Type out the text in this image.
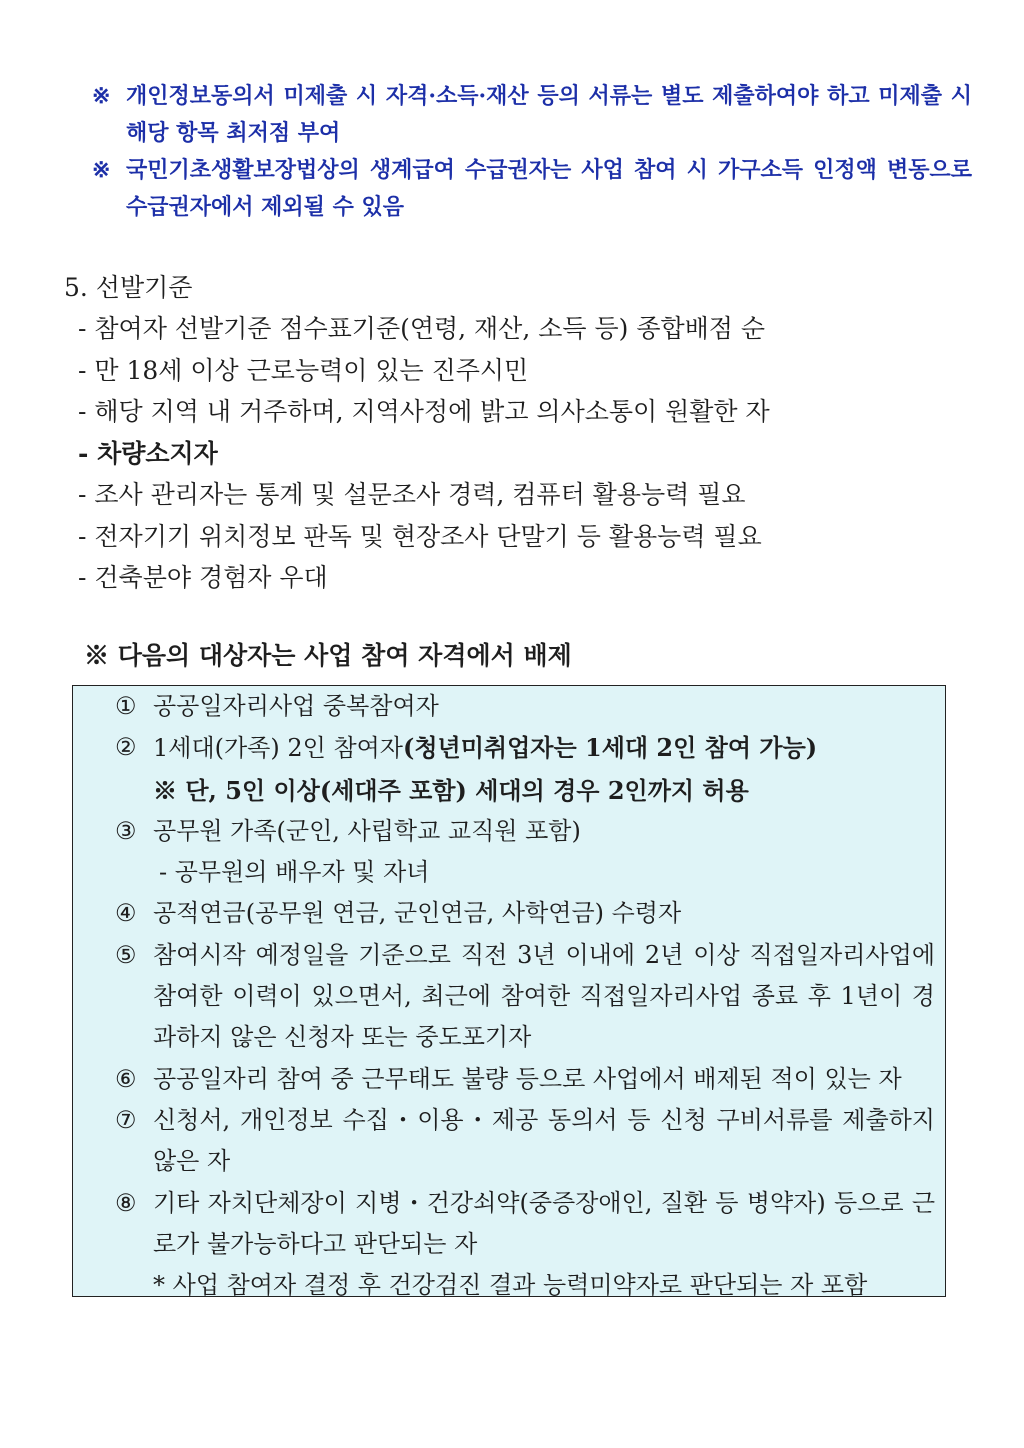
※ 개인정보동의서 미제출 시 자격·소득·재산 등의 서류는 별도 제출하여야 하고 미제출 시 해당 항목 최저점 부여
※ 국민기초생활보장법상의 생계급여 수급권자는 사업 참여 시 가구소득 인정액 변동으로 수급권자에서 제외될 수 있음
5. 선발기준
- 참여자 선발기준 점수표기준(연령, 재산, 소득 등) 종합배점 순
- 만 18세 이상 근로능력이 있는 진주시민
- 해당 지역 내 거주하며, 지역사정에 밝고 의사소통이 원활한 자
- 차량소지자
- 조사 관리자는 통계 및 설문조사 경력, 컴퓨터 활용능력 필요
- 전자기기 위치정보 판독 및 현장조사 단말기 등 활용능력 필요
- 건축분야 경험자 우대
※ 다음의 대상자는 사업 참여 자격에서 배제
① 공공일자리사업 중복참여자
② 1세대(가족) 2인 참여자(청년미취업자는 1세대 2인 참여 가능)
※ 단, 5인 이상(세대주 포함) 세대의 경우 2인까지 허용
③ 공무원 가족(군인, 사립학교 교직원 포함)
- 공무원의 배우자 및 자녀
④ 공적연금(공무원 연금, 군인연금, 사학연금) 수령자
⑤ 참여시작 예정일을 기준으로 직전 3년 이내에 2년 이상 직접일자리사업에 참여한 이력이 있으면서, 최근에 참여한 직접일자리사업 종료 후 1년이 경과하지 않은 신청자 또는 중도포기자
⑥ 공공일자리 참여 중 근무태도 불량 등으로 사업에서 배제된 적이 있는 자
⑦ 신청서, 개인정보 수집・이용・제공 동의서 등 신청 구비서류를 제출하지 않은 자
⑧ 기타 자치단체장이 지병・건강쇠약(중증장애인, 질환 등 병약자) 등으로 근로가 불가능하다고 판단되는 자
* 사업 참여자 결정 후 건강검진 결과 능력미약자로 판단되는 자 포함
